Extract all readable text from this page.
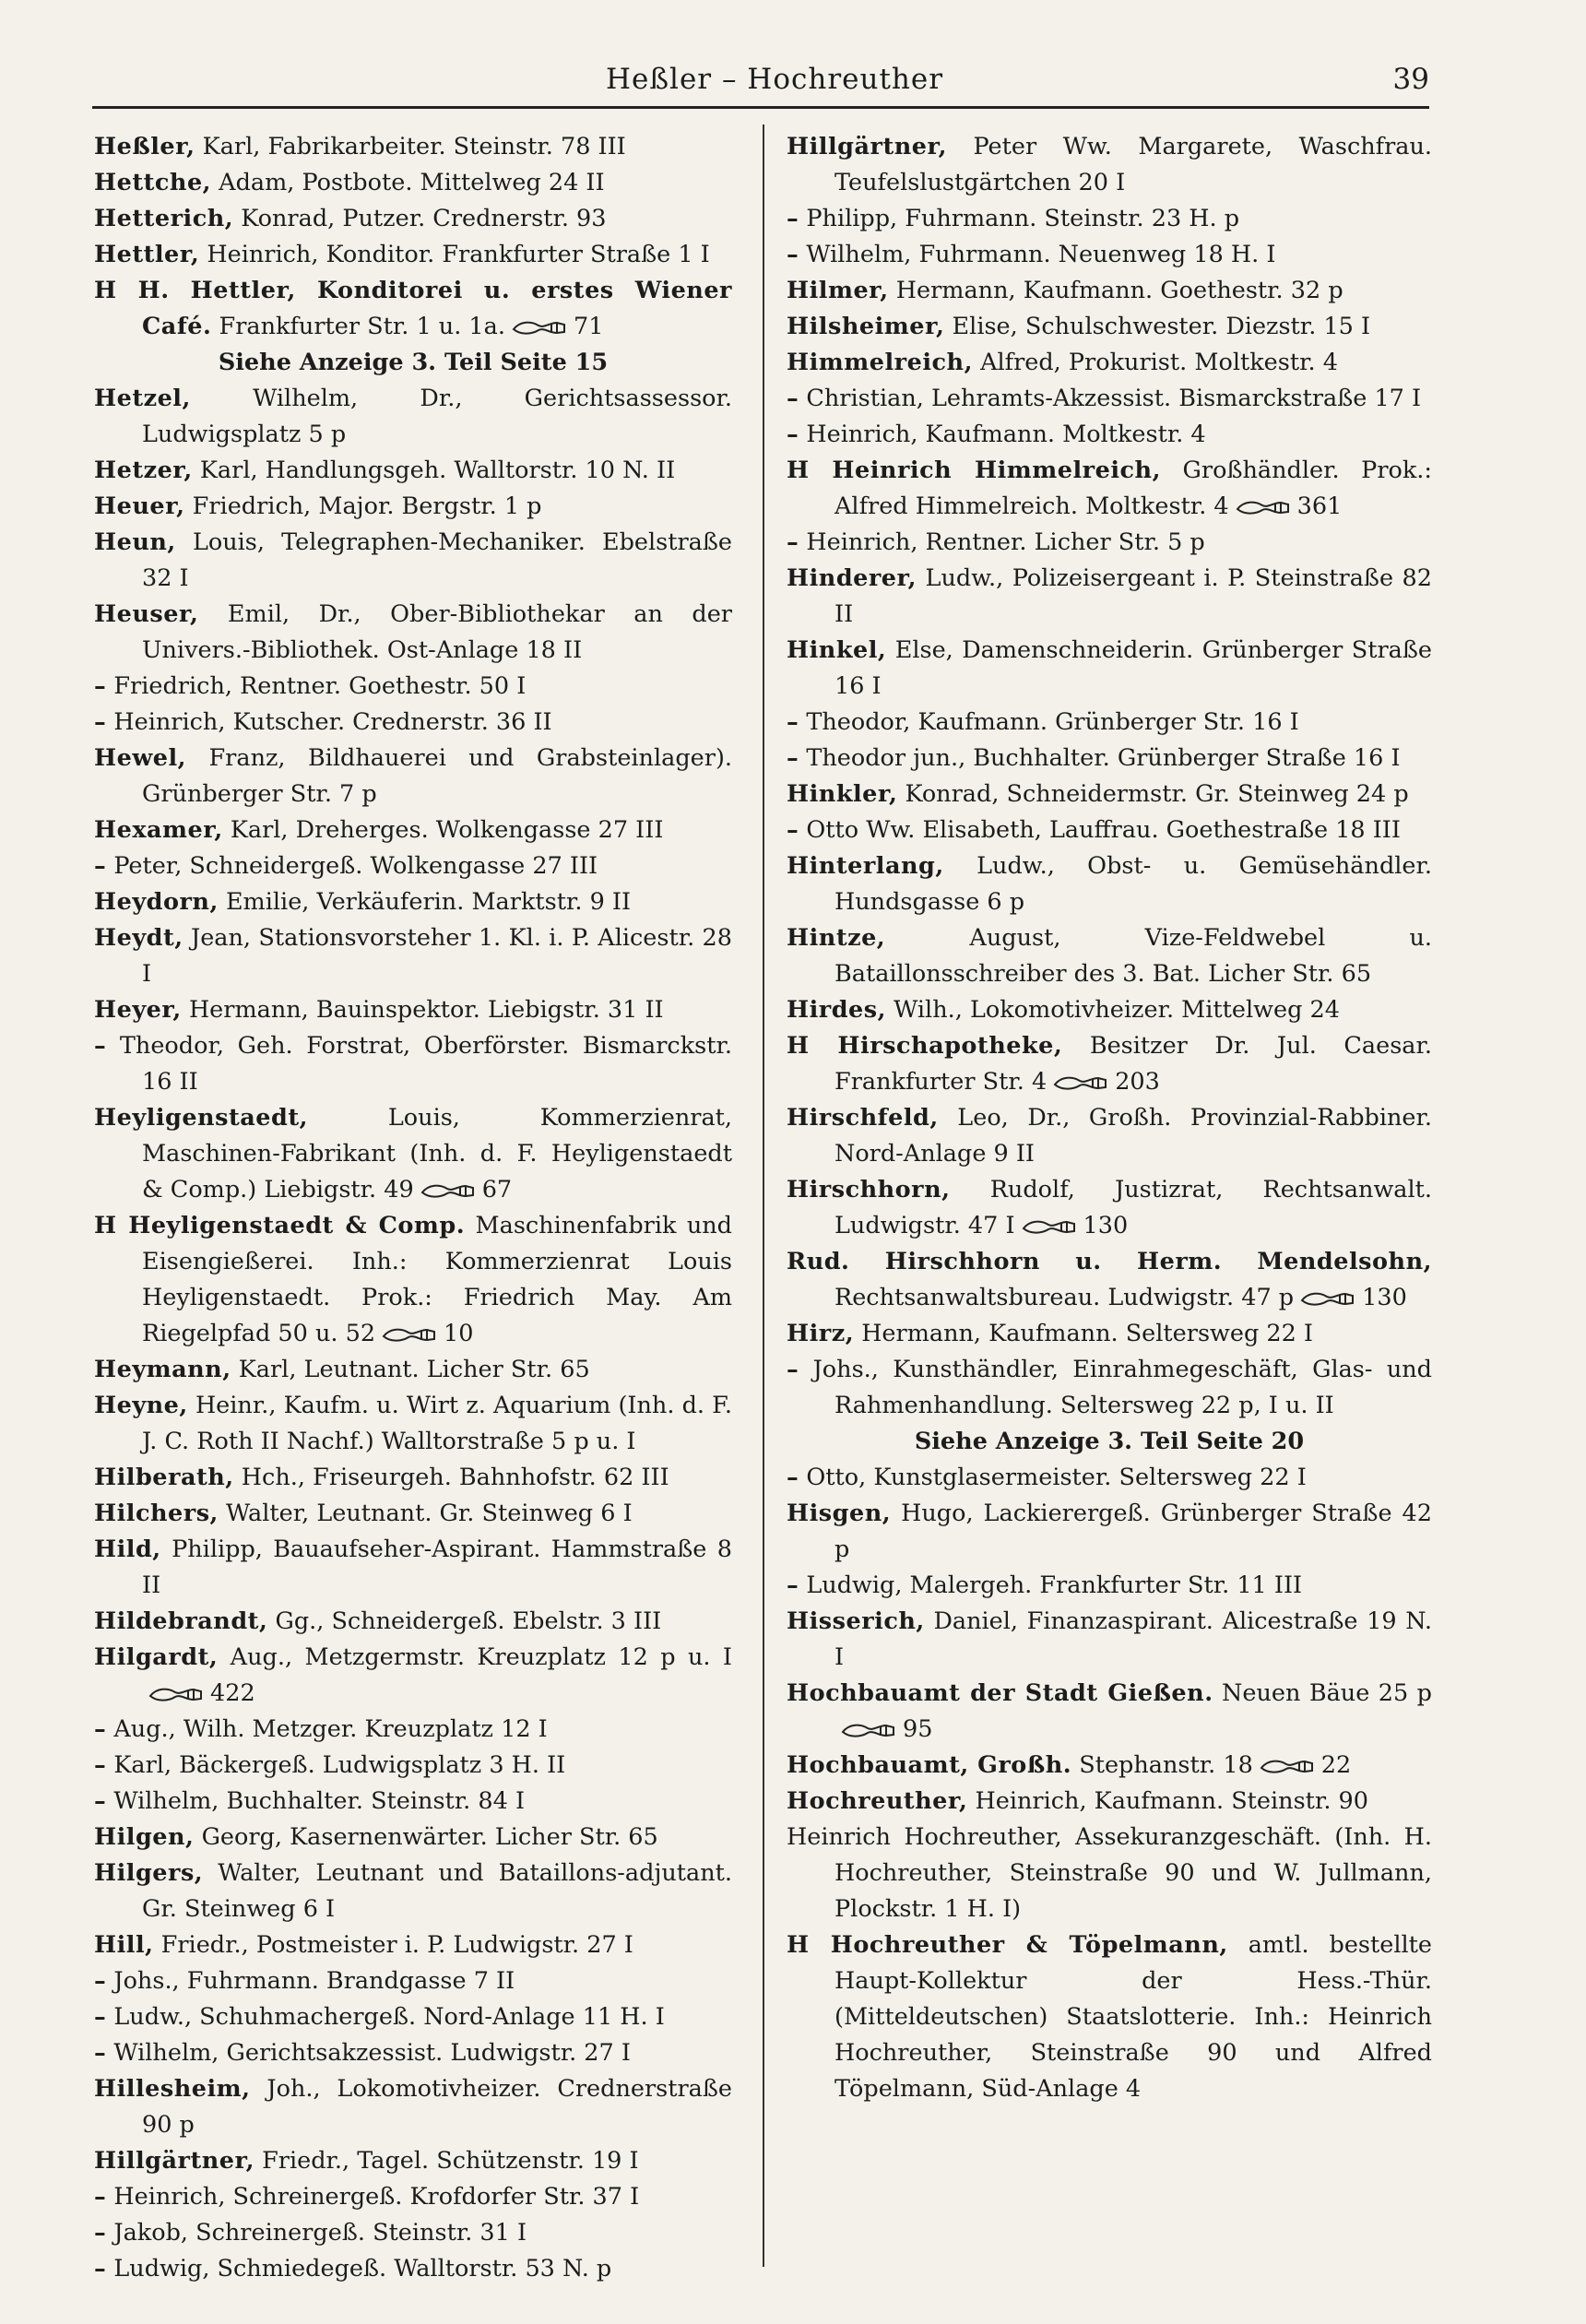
Heßler – Hochreuther	39

Heßler, Karl, Fabrikarbeiter. Steinstr. 78 III

Hettche, Adam, Postbote. Mittelweg 24 II

Hetterich, Konrad, Putzer. Crednerstr. 93

Hettler, Heinrich, Konditor. Frankfurter Straße 1 I

H H. Hettler, Konditorei u. erstes Wiener Café. Frankfurter Str. 1 u. 1a.	71

Siehe Anzeige 3. Teil Seite 15

Hetzel,	Wilhelm, Dr., Gerichtsassessor. Ludwigsplatz 5 p

Hetzer, Karl, Handlungsgeh. Walltorstr. 10 N. II

Heuer, Friedrich, Major. Bergstr. 1 p

Heun, Louis, Telegraphen-Mechaniker. Ebelstraße 32 I

Heuser, Emil, Dr., Ober-Bibliothekar an der Univers.-Bibliothek. Ost-Anlage 18 II

– Friedrich, Rentner. Goethestr. 50 I

– Heinrich, Kutscher. Crednerstr. 36 II

Hewel, Franz, Bildhauerei und Grabsteinlager). Grünberger Str. 7 p

Hexamer, Karl, Dreherges. Wolkengasse 27 III

– Peter, Schneidergeß. Wolkengasse 27 III

Heydorn, Emilie, Verkäuferin. Marktstr. 9 II

Heydt, Jean, Stationsvorsteher 1. Kl. i. P. Alicestr. 28 I

Heyer, Hermann, Bauinspektor. Liebigstr. 31 II

– Theodor, Geh. Forstrat, Oberförster. Bismarckstr. 16 II

Heyligenstaedt,	Louis, Kommerzienrat, Maschinen-Fabrikant (Inh. d. F. Heyligenstaedt & Comp.) Liebigstr. 49	67

H Heyligenstaedt & Comp. Maschinenfabrik und Eisengießerei. Inh.: Kommerzienrat Louis Heyligenstaedt. Prok.: Friedrich May. Am Riegelpfad 50 u. 52	10

Heymann, Karl, Leutnant. Licher Str. 65

Heyne, Heinr., Kaufm. u. Wirt z. Aquarium (Inh. d. F. J. C. Roth II Nachf.) Walltorstraße 5 p u. I

Hilberath, Hch., Friseurgeh. Bahnhofstr. 62 III

Hilchers, Walter, Leutnant. Gr. Steinweg 6 I

Hild, Philipp, Bauaufseher-Aspirant. Hammstraße 8 II

Hildebrandt, Gg., Schneidergeß. Ebelstr. 3 III

Hilgardt, Aug., Metzgermstr. Kreuzplatz 12 p u. I
422

– Aug., Wilh. Metzger. Kreuzplatz 12 I

– Karl, Bäckergeß. Ludwigsplatz 3 H. II

– Wilhelm, Buchhalter. Steinstr. 84 I

Hilgen, Georg, Kasernenwärter. Licher Str. 65

Hilgers, Walter, Leutnant und Bataillons-adjutant. Gr. Steinweg 6 I

Hill, Friedr., Postmeister i. P. Ludwigstr. 27 I

– Johs., Fuhrmann. Brandgasse 7 II

– Ludw., Schuhmachergeß. Nord-Anlage 11 H. I

– Wilhelm, Gerichtsakzessist. Ludwigstr. 27 I

Hillesheim, Joh., Lokomotivheizer. Crednerstraße 90 p

Hillgärtner, Friedr., Tagel. Schützenstr. 19 I

– Heinrich, Schreinergeß. Krofdorfer Str. 37 I

– Jakob, Schreinergeß. Steinstr. 31 I

– Ludwig, Schmiedegeß. Walltorstr. 53 N. p

Hillgärtner, Peter Ww. Margarete, Waschfrau. Teufelslustgärtchen 20 I

– Philipp, Fuhrmann. Steinstr. 23 H. p

– Wilhelm, Fuhrmann. Neuenweg 18 H. I

Hilmer, Hermann, Kaufmann. Goethestr. 32 p

Hilsheimer, Elise, Schulschwester. Diezstr. 15 I

Himmelreich, Alfred, Prokurist. Moltkestr. 4

– Christian, Lehramts-Akzessist. Bismarckstraße 17 I

– Heinrich, Kaufmann. Moltkestr. 4

H Heinrich Himmelreich, Großhändler. Prok.: Alfred Himmelreich. Moltkestr. 4	361

– Heinrich, Rentner. Licher Str. 5 p

Hinderer, Ludw., Polizeisergeant i. P. Steinstraße 82 II

Hinkel, Else, Damenschneiderin. Grünberger Straße 16 I

– Theodor, Kaufmann. Grünberger Str. 16 I

– Theodor jun., Buchhalter. Grünberger Straße 16 I

Hinkler, Konrad, Schneidermstr. Gr. Steinweg 24 p

– Otto Ww. Elisabeth, Lauffrau. Goethestraße 18 III

Hinterlang, Ludw., Obst- u. Gemüsehändler. Hundsgasse 6 p

Hintze,	August, Vize-Feldwebel u. Bataillonsschreiber des 3. Bat. Licher Str. 65

Hirdes, Wilh., Lokomotivheizer. Mittelweg 24

H Hirschapotheke, Besitzer Dr. Jul. Caesar. Frankfurter Str. 4	203

Hirschfeld, Leo, Dr., Großh. Provinzial-Rabbiner. Nord-Anlage 9 II

Hirschhorn, Rudolf, Justizrat, Rechtsanwalt. Ludwigstr. 47 I	130

Rud. Hirschhorn u. Herm. Mendelsohn, Rechtsanwaltsbureau. Ludwigstr. 47 p	130

Hirz, Hermann, Kaufmann. Seltersweg 22 I

– Johs., Kunsthändler, Einrahmegeschäft, Glas- und Rahmenhandlung. Seltersweg 22 p, I u. II

Siehe Anzeige 3. Teil Seite 20

– Otto, Kunstglasermeister. Seltersweg 22 I

Hisgen, Hugo, Lackierergeß. Grünberger Straße 42 p

– Ludwig, Malergeh. Frankfurter Str. 11 III

Hisserich, Daniel, Finanzaspirant. Alicestraße 19 N. I

Hochbauamt der Stadt Gießen. Neuen Bäue 25 p
95

Hochbauamt, Großh. Stephanstr. 18	22

Hochreuther, Heinrich, Kaufmann. Steinstr. 90

Heinrich Hochreuther, Assekuranzgeschäft. (Inh. H. Hochreuther, Steinstraße 90 und W. Jullmann, Plockstr. 1 H. I)

H Hochreuther & Töpelmann, amtl. bestellte Haupt-Kollektur der Hess.-Thür. (Mitteldeutschen) Staatslotterie. Inh.: Heinrich Hochreuther, Steinstraße 90 und Alfred Töpelmann, Süd-Anlage 4
